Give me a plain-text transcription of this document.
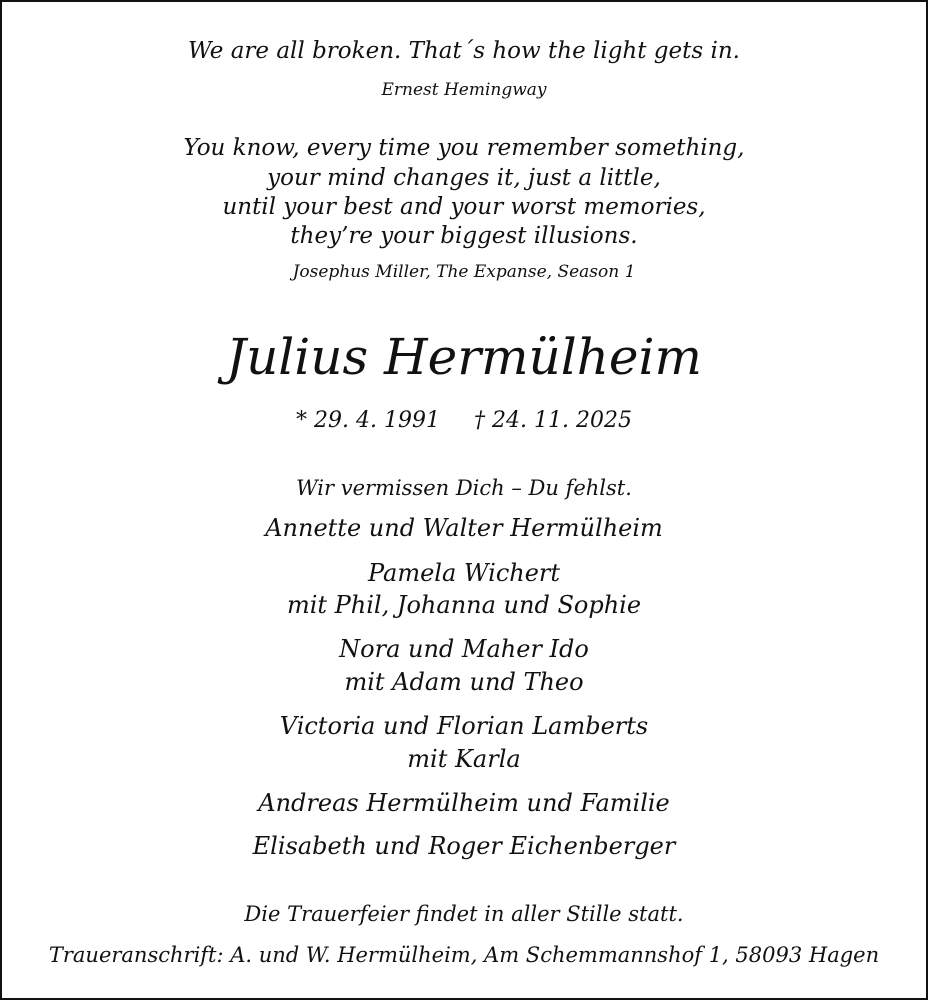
We are all broken. That´s how the light gets in.
Ernest Hemingway
You know, every time you remember something,
your mind changes it, just a little,
until your best and your worst memories,
they’re your biggest illusions.
Josephus Miller, The Expanse, Season 1
Julius Hermülheim
* 29. 4. 1991 † 24. 11. 2025
Wir vermissen Dich – Du fehlst.
Annette und Walter Hermülheim
Pamela Wichert
mit Phil, Johanna und Sophie
Nora und Maher Ido
mit Adam und Theo
Victoria und Florian Lamberts
mit Karla
Andreas Hermülheim und Familie
Elisabeth und Roger Eichenberger
Die Trauerfeier findet in aller Stille statt.
Traueranschrift: A. und W. Hermülheim, Am Schemmannshof 1, 58093 Hagen
